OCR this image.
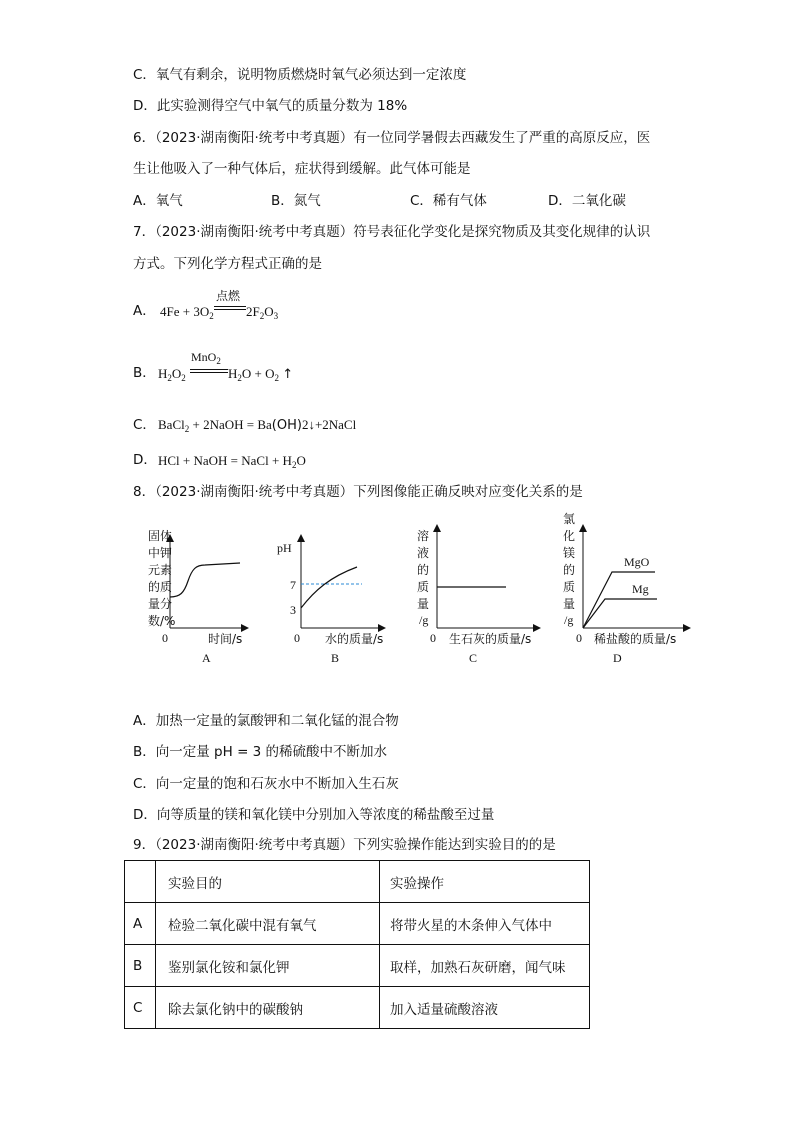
C．氧气有剩余，说明物质燃烧时氧气必须达到一定浓度
D．此实验测得空气中氧气的质量分数为 18%
6．（2023·湖南衡阳·统考中考真题）有一位同学暑假去西藏发生了严重的高原反应，医
生让他吸入了一种气体后，症状得到缓解。此气体可能是
A．氧气	B．氮气	C．稀有气体	D．二氧化碳
7．（2023·湖南衡阳·统考中考真题）符号表征化学变化是探究物质及其变化规律的认识
方式。下列化学方程式正确的是
A． $4Fe + 3O_2$
点燃
$2F_2O_3$
B． $H_2O_2$
MnO$_2$
$H_2O + O_2$ ↑
C． BaCl$_2$ + 2NaOH = Ba(OH)2↓+2NaCl
D． HCl + NaOH = NaCl + $H_2O$
8．（2023·湖南衡阳·统考中考真题）下列图像能正确反映对应变化关系的是
固体
中钾
元素
的质
量分
数/%
0	时间/s
A
pH
7
3
0 水的质量/s
B
溶
液
的
质
量
/g
0 生石灰的质量/s
C
氯
化
镁
的
质
量
/g
MgO
Mg
0 稀盐酸的质量/s
D
A．加热一定量的氯酸钾和二氧化锰的混合物
B．向一定量 pH = 3 的稀硫酸中不断加水
C．向一定量的饱和石灰水中不断加入生石灰
D．向等质量的镁和氧化镁中分别加入等浓度的稀盐酸至过量
9．（2023·湖南衡阳·统考中考真题）下列实验操作能达到实验目的的是
	实验目的	实验操作
A	检验二氧化碳中混有氧气	将带火星的木条伸入气体中
B	鉴别氯化铵和氯化钾	取样，加熟石灰研磨，闻气味
C	除去氯化钠中的碳酸钠	加入适量硫酸溶液
